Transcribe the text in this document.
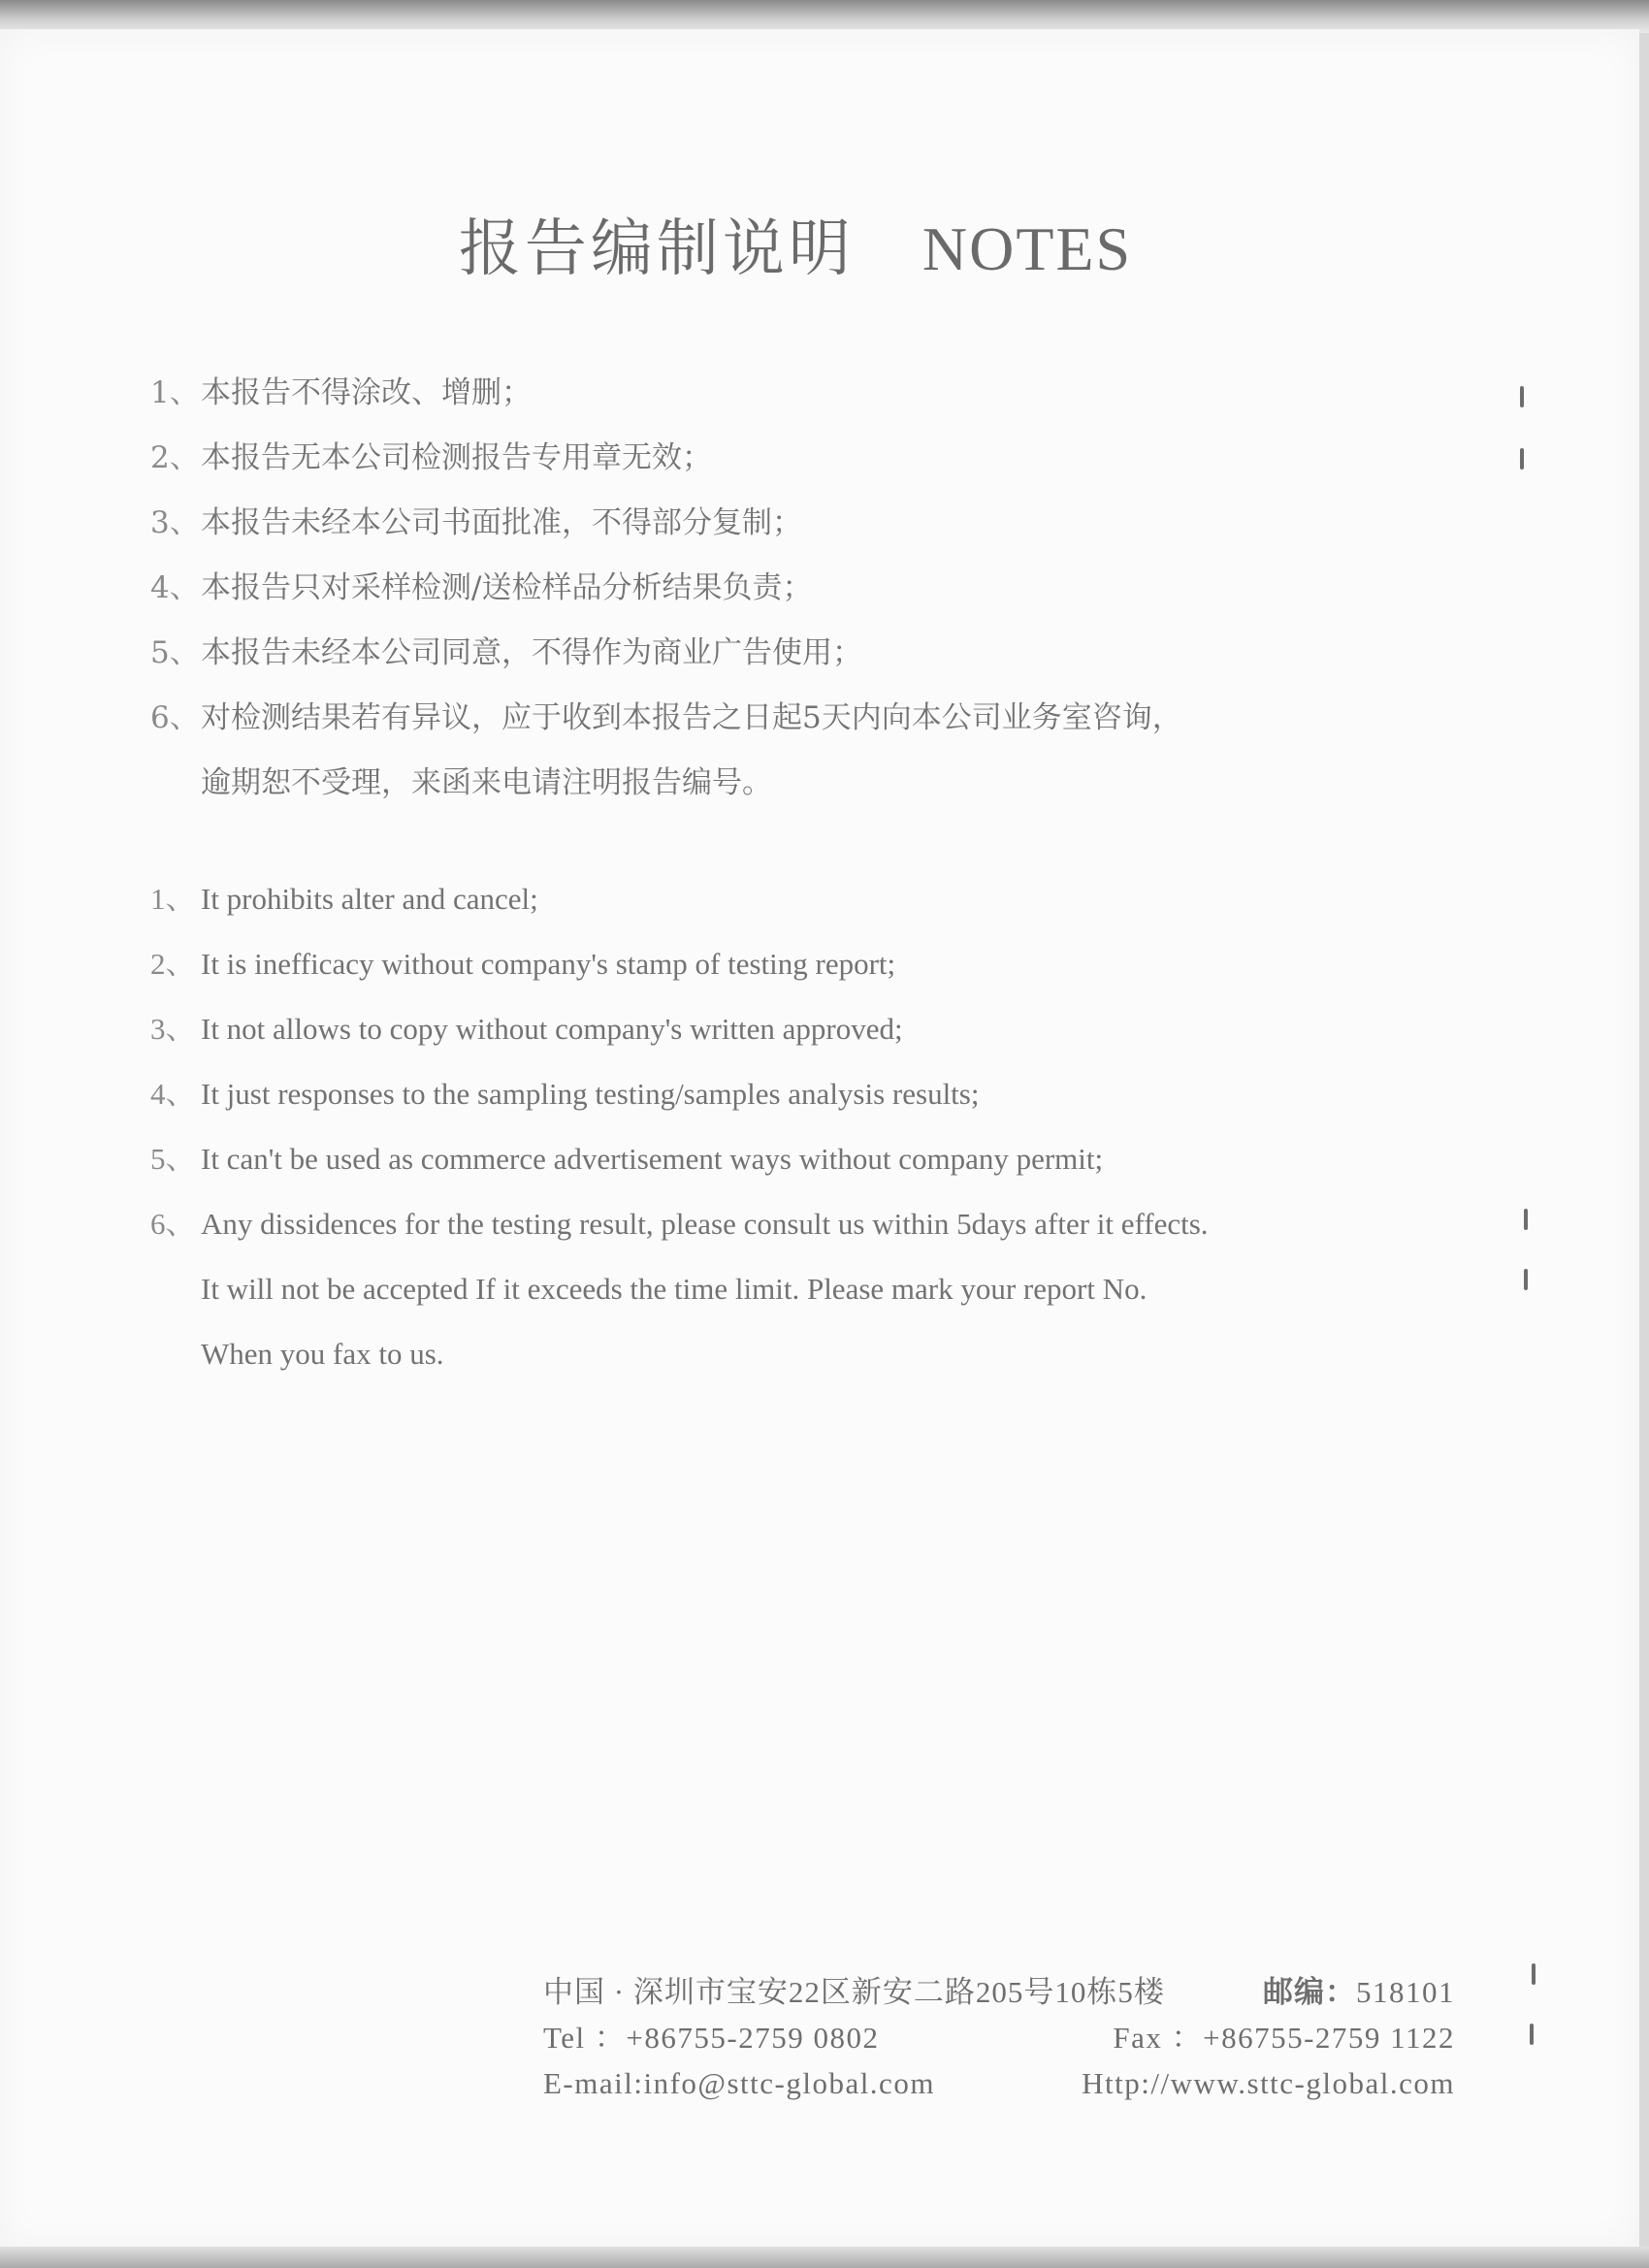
报告编制说明 NOTES
1、 本报告不得涂改、增删；
2、 本报告无本公司检测报告专用章无效；
3、 本报告未经本公司书面批准，不得部分复制；
4、 本报告只对采样检测/送检样品分析结果负责；
5、 本报告未经本公司同意，不得作为商业广告使用；
6、 对检测结果若有异议，应于收到本报告之日起5天内向本公司业务室咨询，
逾期恕不受理，来函来电请注明报告编号。
1、 It prohibits alter and cancel;
2、 It is inefficacy without company's stamp of testing report;
3、 It not allows to copy without company's written approved;
4、 It just responses to the sampling testing/samples analysis results;
5、 It can't be used as commerce advertisement ways without company permit;
6、 Any dissidences for the testing result, please consult us within 5days after it effects.
It will not be accepted If it exceeds the time limit. Please mark your report No.
When you fax to us.
中国 · 深圳市宝安22区新安二路205号10栋5楼	邮编：518101
Tel ：+86755-2759 0802	Fax ：+86755-2759 1122
E-mail:info@sttc-global.com	Http://www.sttc-global.com
